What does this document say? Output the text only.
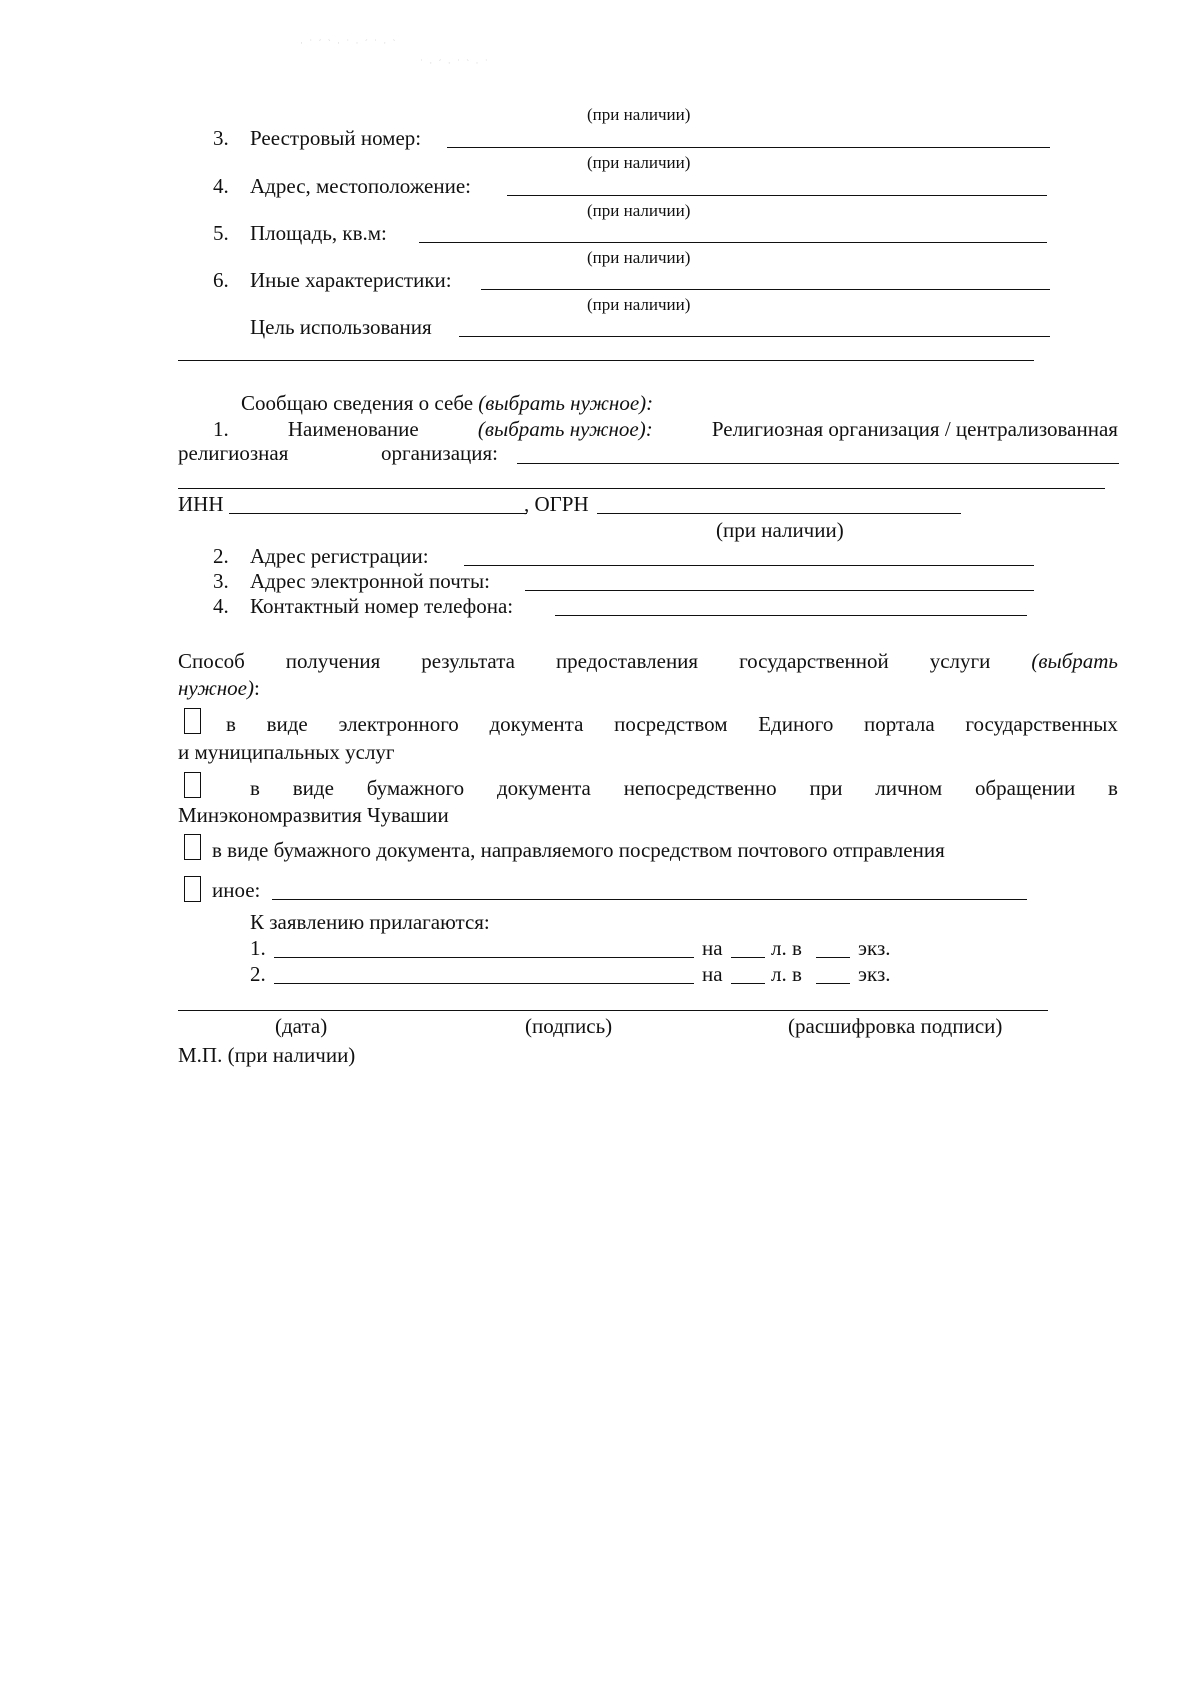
· ˙ ´ ` · ˙ · ´ ˙ · `
˙ · ´ · ˙ ` · ˙
(при наличии)
3. Реестровый номер:
(при наличии)
4. Адрес, местоположение:
(при наличии)
5. Площадь, кв.м:
(при наличии)
6. Иные характеристики:
(при наличии)
Цель использования
Сообщаю сведения о себе (выбрать нужное):
1.	Наименование	(выбрать нужное):	Религиозная организация / централизованная
религиозная	организация:
ИНН	, ОГРН
(при наличии)
2. Адрес регистрации:
3. Адрес электронной почты:
4. Контактный номер телефона:
Способ получения результата предоставления государственной услуги (выбрать
нужное):
в виде электронного документа посредством Единого портала государственных
и муниципальных услуг
в виде бумажного документа непосредственно при личном обращении в
Минэкономразвития Чувашии
в виде бумажного документа, направляемого посредством почтового отправления
иное:
К заявлению прилагаются:
1.	на л. в	экз.
2.	на л. в	экз.
(дата)	(подпись)	(расшифровка подписи)
М.П. (при наличии)
